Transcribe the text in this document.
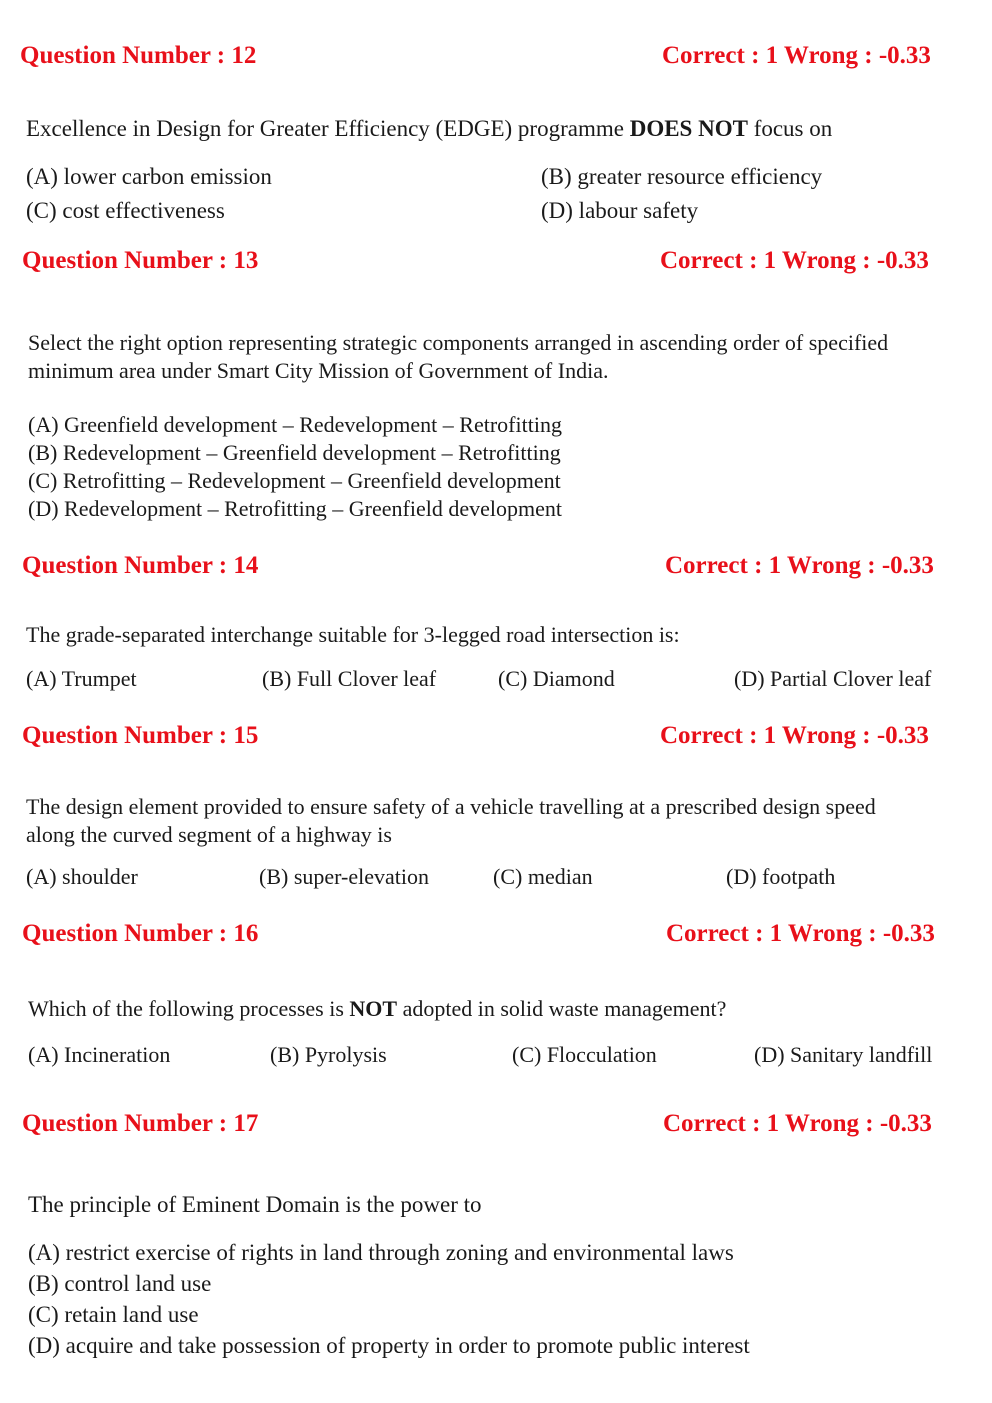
Question Number : 12	Correct : 1 Wrong : -0.33
Excellence in Design for Greater Efficiency (EDGE) programme DOES NOT focus on
(A) lower carbon emission	(B) greater resource efficiency
(C) cost effectiveness	(D) labour safety
Question Number : 13	Correct : 1 Wrong : -0.33
Select the right option representing strategic components arranged in ascending order of specified
minimum area under Smart City Mission of Government of India.
(A) Greenfield development – Redevelopment – Retrofitting
(B) Redevelopment – Greenfield development – Retrofitting
(C) Retrofitting – Redevelopment – Greenfield development
(D) Redevelopment – Retrofitting – Greenfield development
Question Number : 14	Correct : 1 Wrong : -0.33
The grade-separated interchange suitable for 3-legged road intersection is:
(A) Trumpet	(B) Full Clover leaf	(C) Diamond	(D) Partial Clover leaf
Question Number : 15	Correct : 1 Wrong : -0.33
The design element provided to ensure safety of a vehicle travelling at a prescribed design speed
along the curved segment of a highway is
(A) shoulder	(B) super-elevation	(C) median	(D) footpath
Question Number : 16	Correct : 1 Wrong : -0.33
Which of the following processes is NOT adopted in solid waste management?
(A) Incineration	(B) Pyrolysis	(C) Flocculation	(D) Sanitary landfill
Question Number : 17	Correct : 1 Wrong : -0.33
The principle of Eminent Domain is the power to
(A) restrict exercise of rights in land through zoning and environmental laws
(B) control land use
(C) retain land use
(D) acquire and take possession of property in order to promote public interest
